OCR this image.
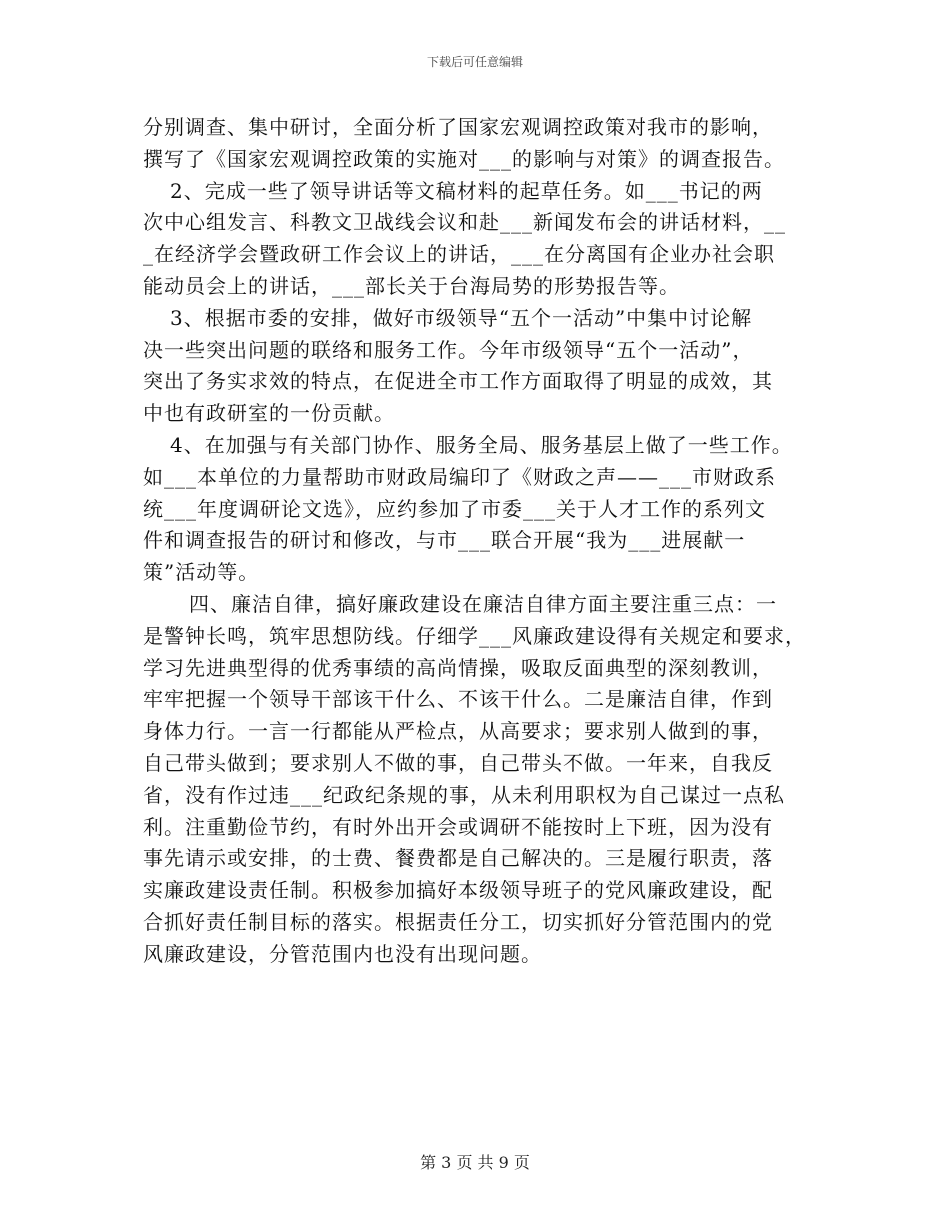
下载后可任意编辑
分别调查、集中研讨，全面分析了国家宏观调控政策对我市的影响，
撰写了《国家宏观调控政策的实施对___的影响与对策》的调查报告。
2、完成一些了领导讲话等文稿材料的起草任务。如___书记的两
次中心组发言、科教文卫战线会议和赴___新闻发布会的讲话材料，__
_在经济学会暨政研工作会议上的讲话，___在分离国有企业办社会职
能动员会上的讲话，___部长关于台海局势的形势报告等。
3、根据市委的安排，做好市级领导“五个一活动”中集中讨论解
决一些突出问题的联络和服务工作。今年市级领导“五个一活动”，
突出了务实求效的特点，在促进全市工作方面取得了明显的成效，其
中也有政研室的一份贡献。
4、在加强与有关部门协作、服务全局、服务基层上做了一些工作。
如___本单位的力量帮助市财政局编印了《财政之声——___市财政系
统___年度调研论文选》，应约参加了市委___关于人才工作的系列文
件和调查报告的研讨和修改，与市___联合开展“我为___进展献一
策”活动等。
四、廉洁自律，搞好廉政建设在廉洁自律方面主要注重三点：一
是警钟长鸣，筑牢思想防线。仔细学___风廉政建设得有关规定和要求，
学习先进典型得的优秀事绩的高尚情操，吸取反面典型的深刻教训，
牢牢把握一个领导干部该干什么、不该干什么。二是廉洁自律，作到
身体力行。一言一行都能从严检点，从高要求；要求别人做到的事，
自己带头做到；要求别人不做的事，自己带头不做。一年来，自我反
省，没有作过违___纪政纪条规的事，从未利用职权为自己谋过一点私
利。注重勤俭节约，有时外出开会或调研不能按时上下班，因为没有
事先请示或安排，的士费、餐费都是自己解决的。三是履行职责，落
实廉政建设责任制。积极参加搞好本级领导班子的党风廉政建设，配
合抓好责任制目标的落实。根据责任分工，切实抓好分管范围内的党
风廉政建设，分管范围内也没有出现问题。
第 3 页 共 9 页
